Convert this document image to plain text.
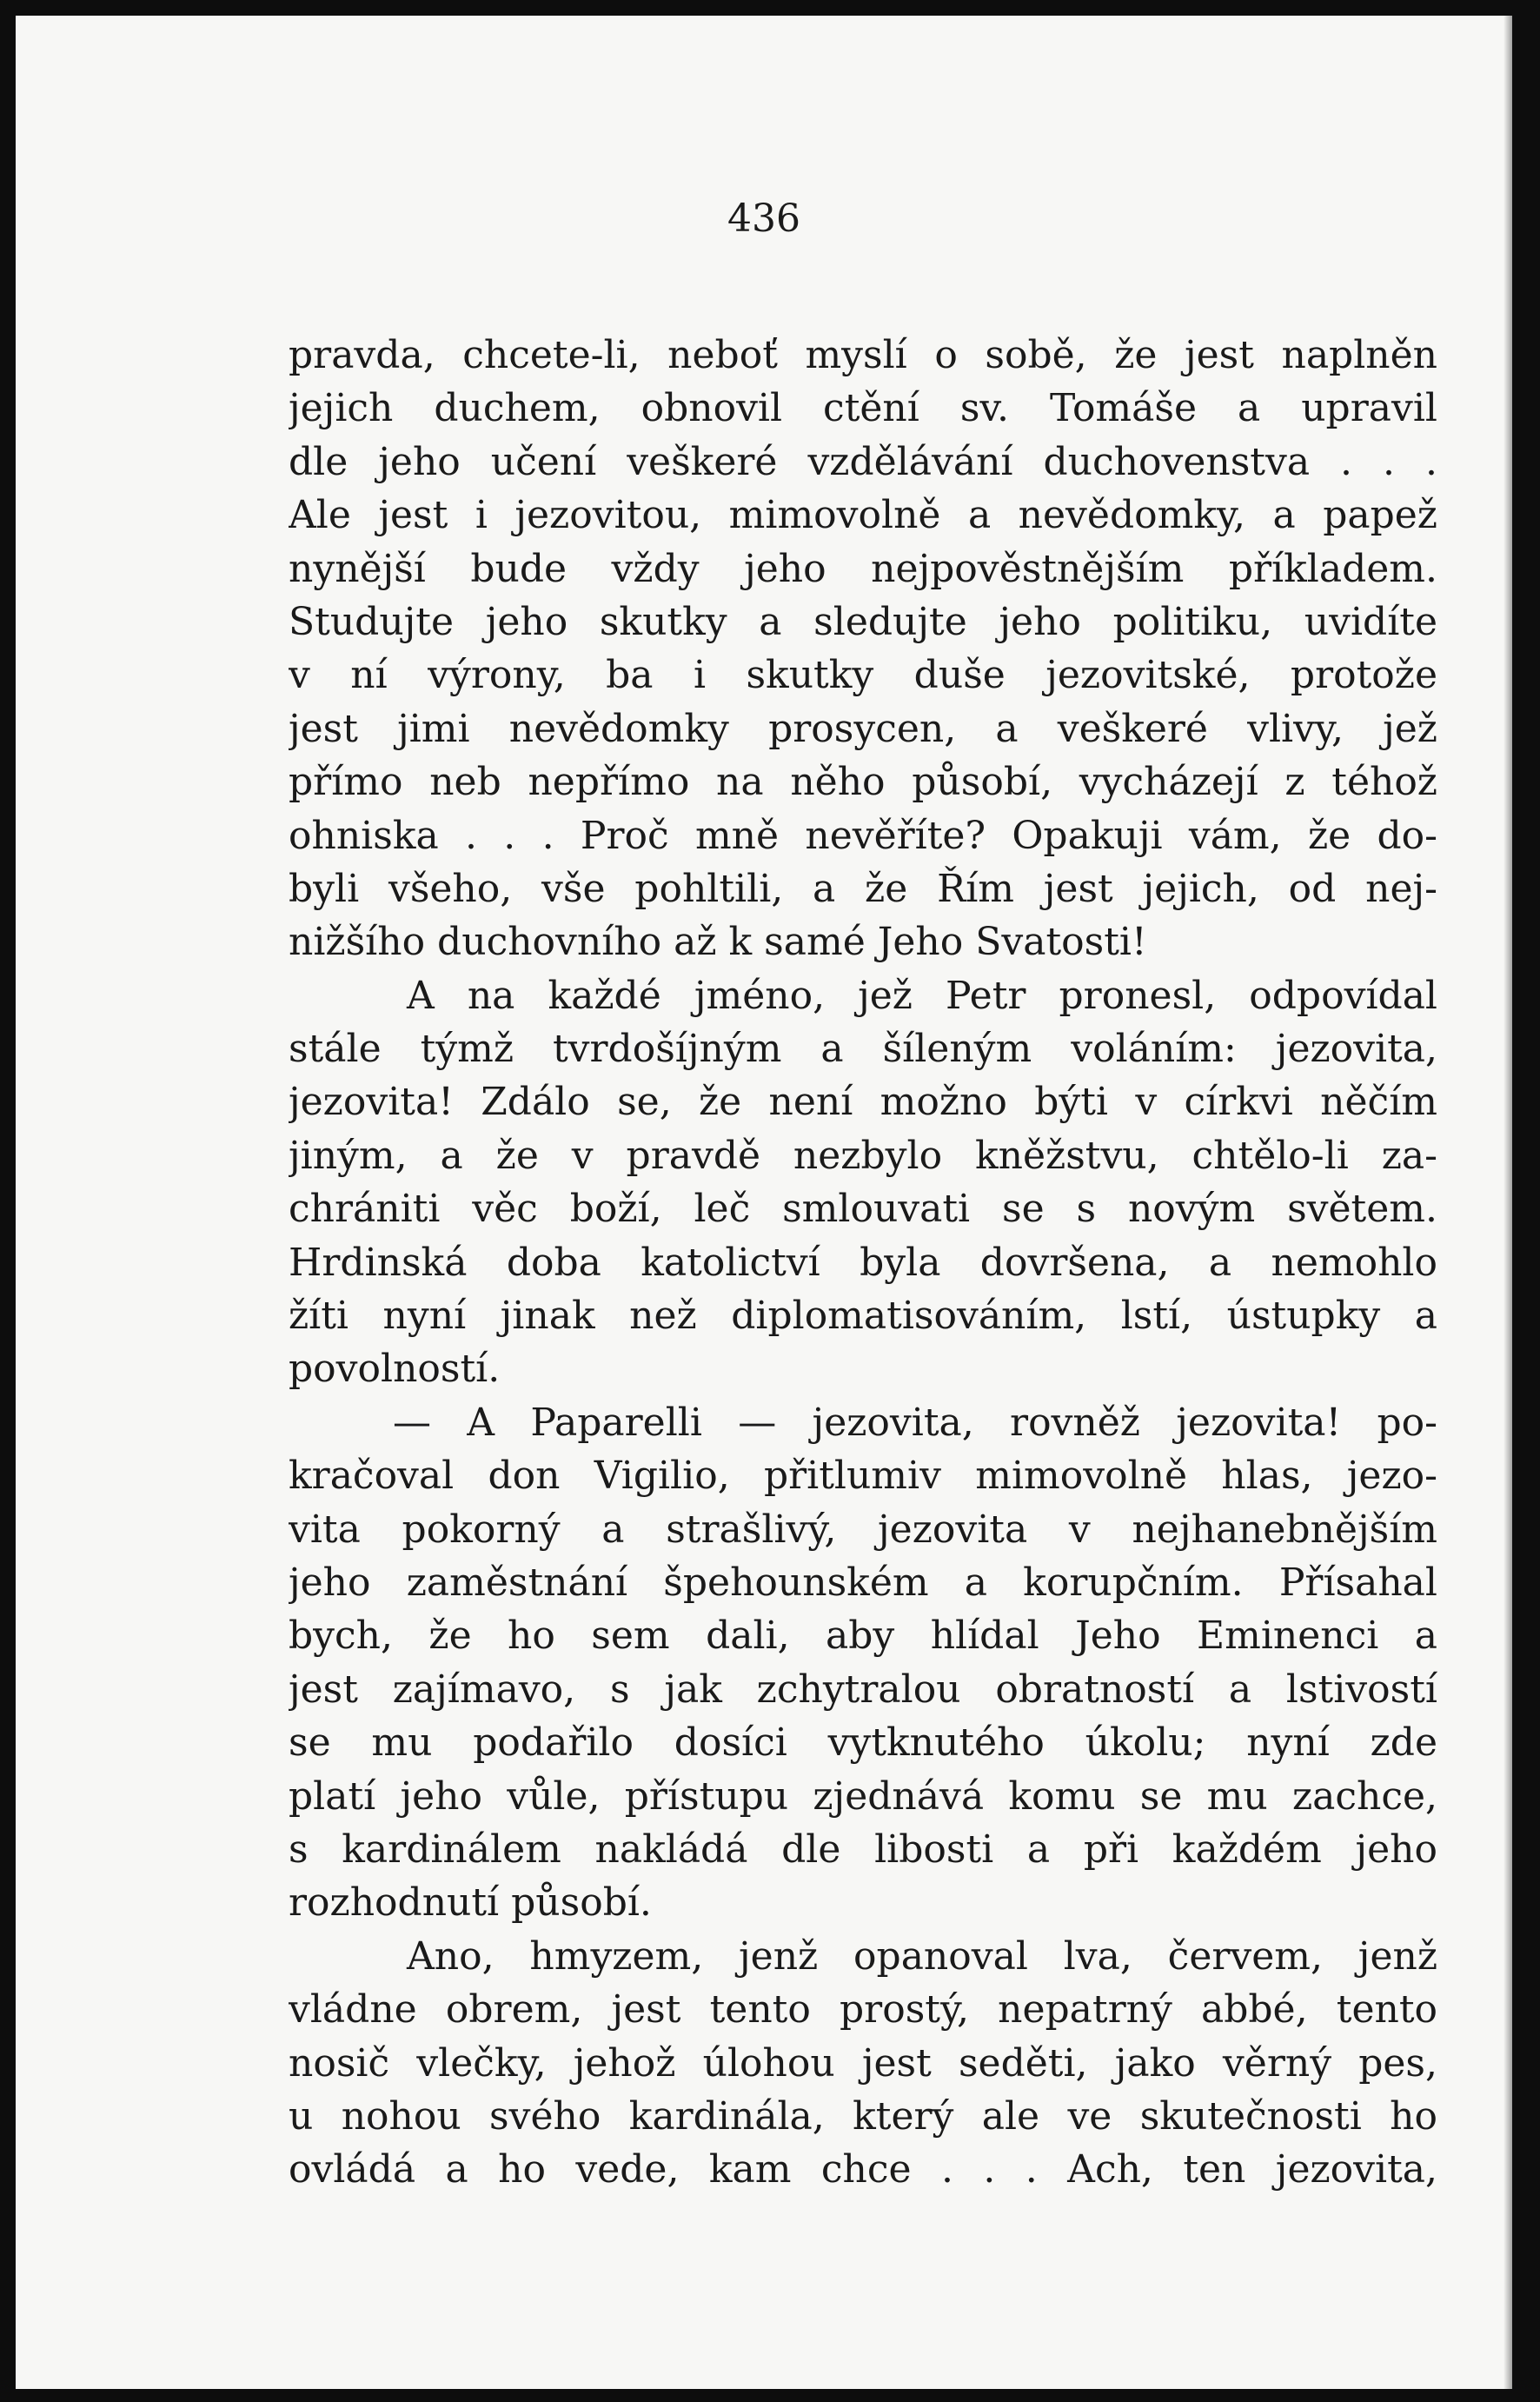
436
pravda, chcete-li, neboť myslí o sobě, že jest naplněn
jejich duchem, obnovil ctění sv. Tomáše a upravil
dle jeho učení veškeré vzdělávání duchovenstva . . .
Ale jest i jezovitou, mimovolně a nevědomky, a papež
nynější bude vždy jeho nejpověstnějším příkladem.
Studujte jeho skutky a sledujte jeho politiku, uvidíte
v ní výrony, ba i skutky duše jezovitské, protože
jest jimi nevědomky prosycen, a veškeré vlivy, jež
přímo neb nepřímo na něho působí, vycházejí z téhož
ohniska . . . Proč mně nevěříte? Opakuji vám, že do-
byli všeho, vše pohltili, a že Řím jest jejich, od nej-
nižšího duchovního až k samé Jeho Svatosti!
A na každé jméno, jež Petr pronesl, odpovídal
stále týmž tvrdošíjným a šíleným voláním: jezovita,
jezovita! Zdálo se, že není možno býti v církvi něčím
jiným, a že v pravdě nezbylo kněžstvu, chtělo-li za-
chrániti věc boží, leč smlouvati se s novým světem.
Hrdinská doba katolictví byla dovršena, a nemohlo
žíti nyní jinak než diplomatisováním, lstí, ústupky a
povolností.
— A Paparelli — jezovita, rovněž jezovita! po-
kračoval don Vigilio, přitlumiv mimovolně hlas, jezo-
vita pokorný a strašlivý, jezovita v nejhanebnějším
jeho zaměstnání špehounském a korupčním. Přísahal
bych, že ho sem dali, aby hlídal Jeho Eminenci a
jest zajímavo, s jak zchytralou obratností a lstivostí
se mu podařilo dosíci vytknutého úkolu; nyní zde
platí jeho vůle, přístupu zjednává komu se mu zachce,
s kardinálem nakládá dle libosti a při každém jeho
rozhodnutí působí.
Ano, hmyzem, jenž opanoval lva, červem, jenž
vládne obrem, jest tento prostý, nepatrný abbé, tento
nosič vlečky, jehož úlohou jest seděti, jako věrný pes,
u nohou svého kardinála, který ale ve skutečnosti ho
ovládá a ho vede, kam chce . . . Ach, ten jezovita,
